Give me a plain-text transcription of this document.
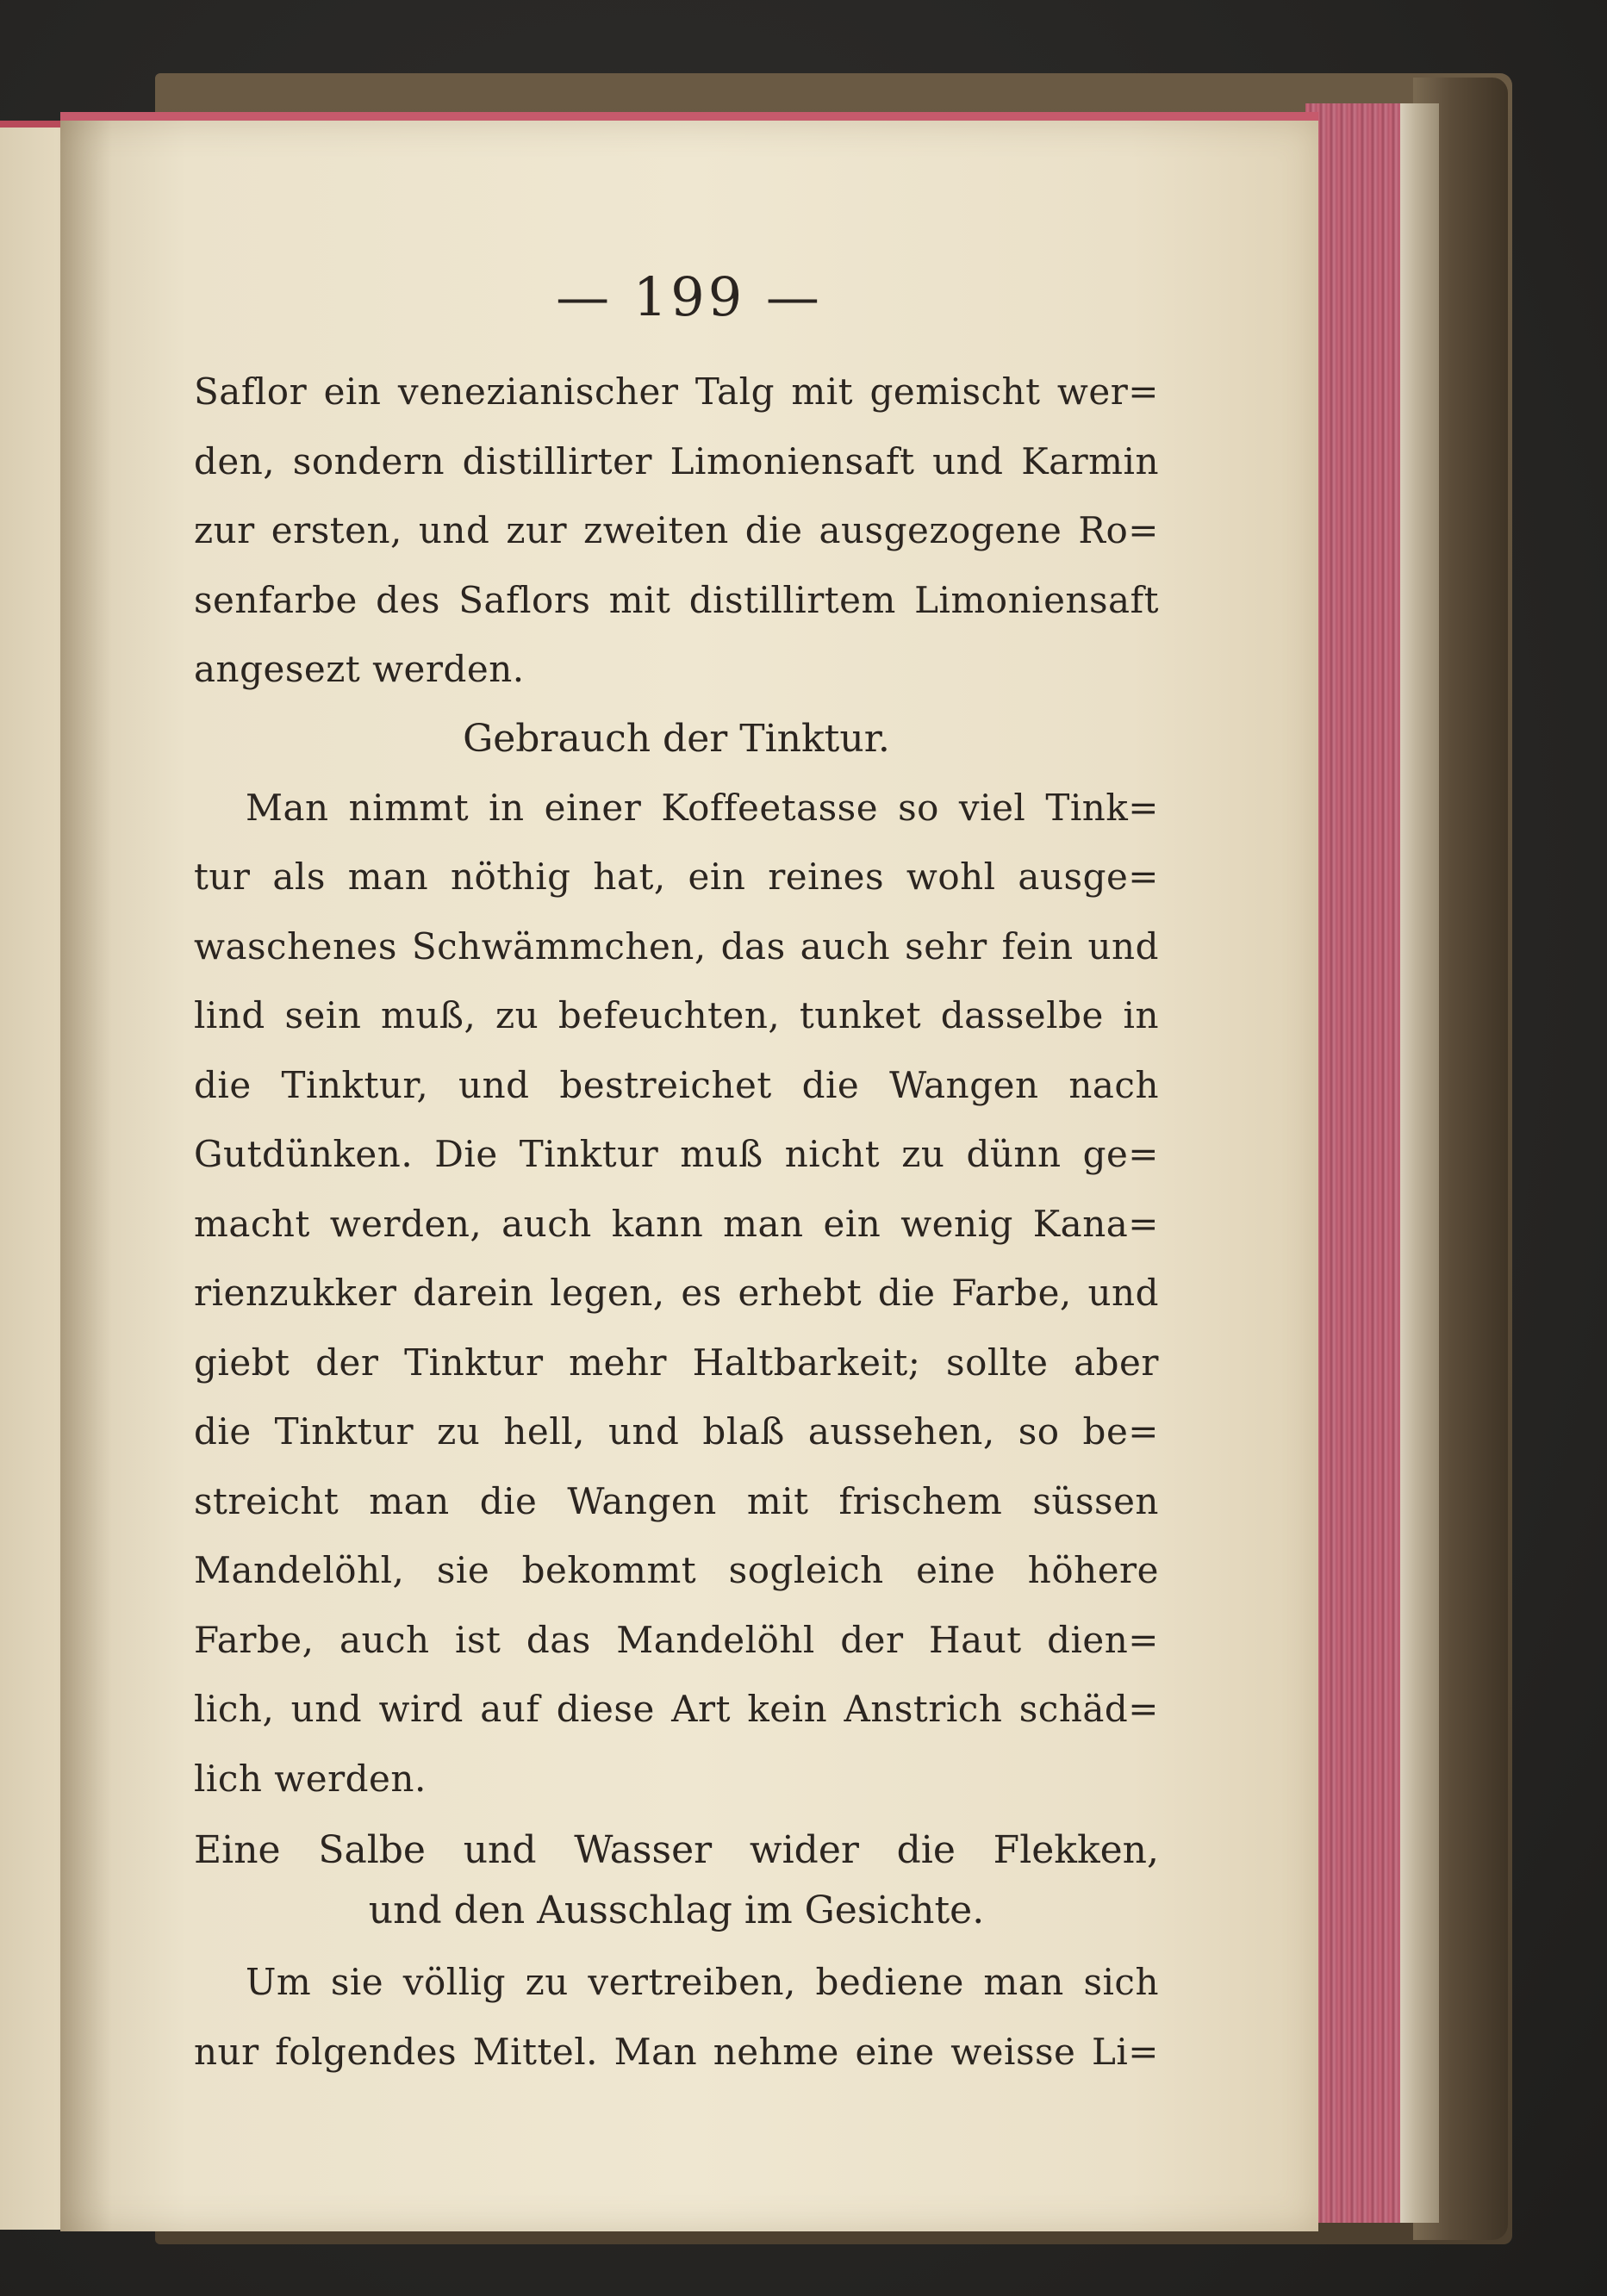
— 199 —
Saflor ein venezianischer Talg mit gemischt wer=
den, sondern distillirter Limoniensaft und Karmin
zur ersten, und zur zweiten die ausgezogene Ro=
senfarbe des Saflors mit distillirtem Limoniensaft
angesezt werden.
Gebrauch der Tinktur.
Man nimmt in einer Koffeetasse so viel Tink=
tur als man nöthig hat, ein reines wohl ausge=
waschenes Schwämmchen, das auch sehr fein und
lind sein muß, zu befeuchten, tunket dasselbe in
die Tinktur, und bestreichet die Wangen nach
Gutdünken. Die Tinktur muß nicht zu dünn ge=
macht werden, auch kann man ein wenig Kana=
rienzukker darein legen, es erhebt die Farbe, und
giebt der Tinktur mehr Haltbarkeit; sollte aber
die Tinktur zu hell, und blaß aussehen, so be=
streicht man die Wangen mit frischem süssen
Mandelöhl, sie bekommt sogleich eine höhere
Farbe, auch ist das Mandelöhl der Haut dien=
lich, und wird auf diese Art kein Anstrich schäd=
lich werden.
Eine Salbe und Wasser wider die Flekken,
und den Ausschlag im Gesichte.
Um sie völlig zu vertreiben, bediene man sich
nur folgendes Mittel. Man nehme eine weisse Li=
